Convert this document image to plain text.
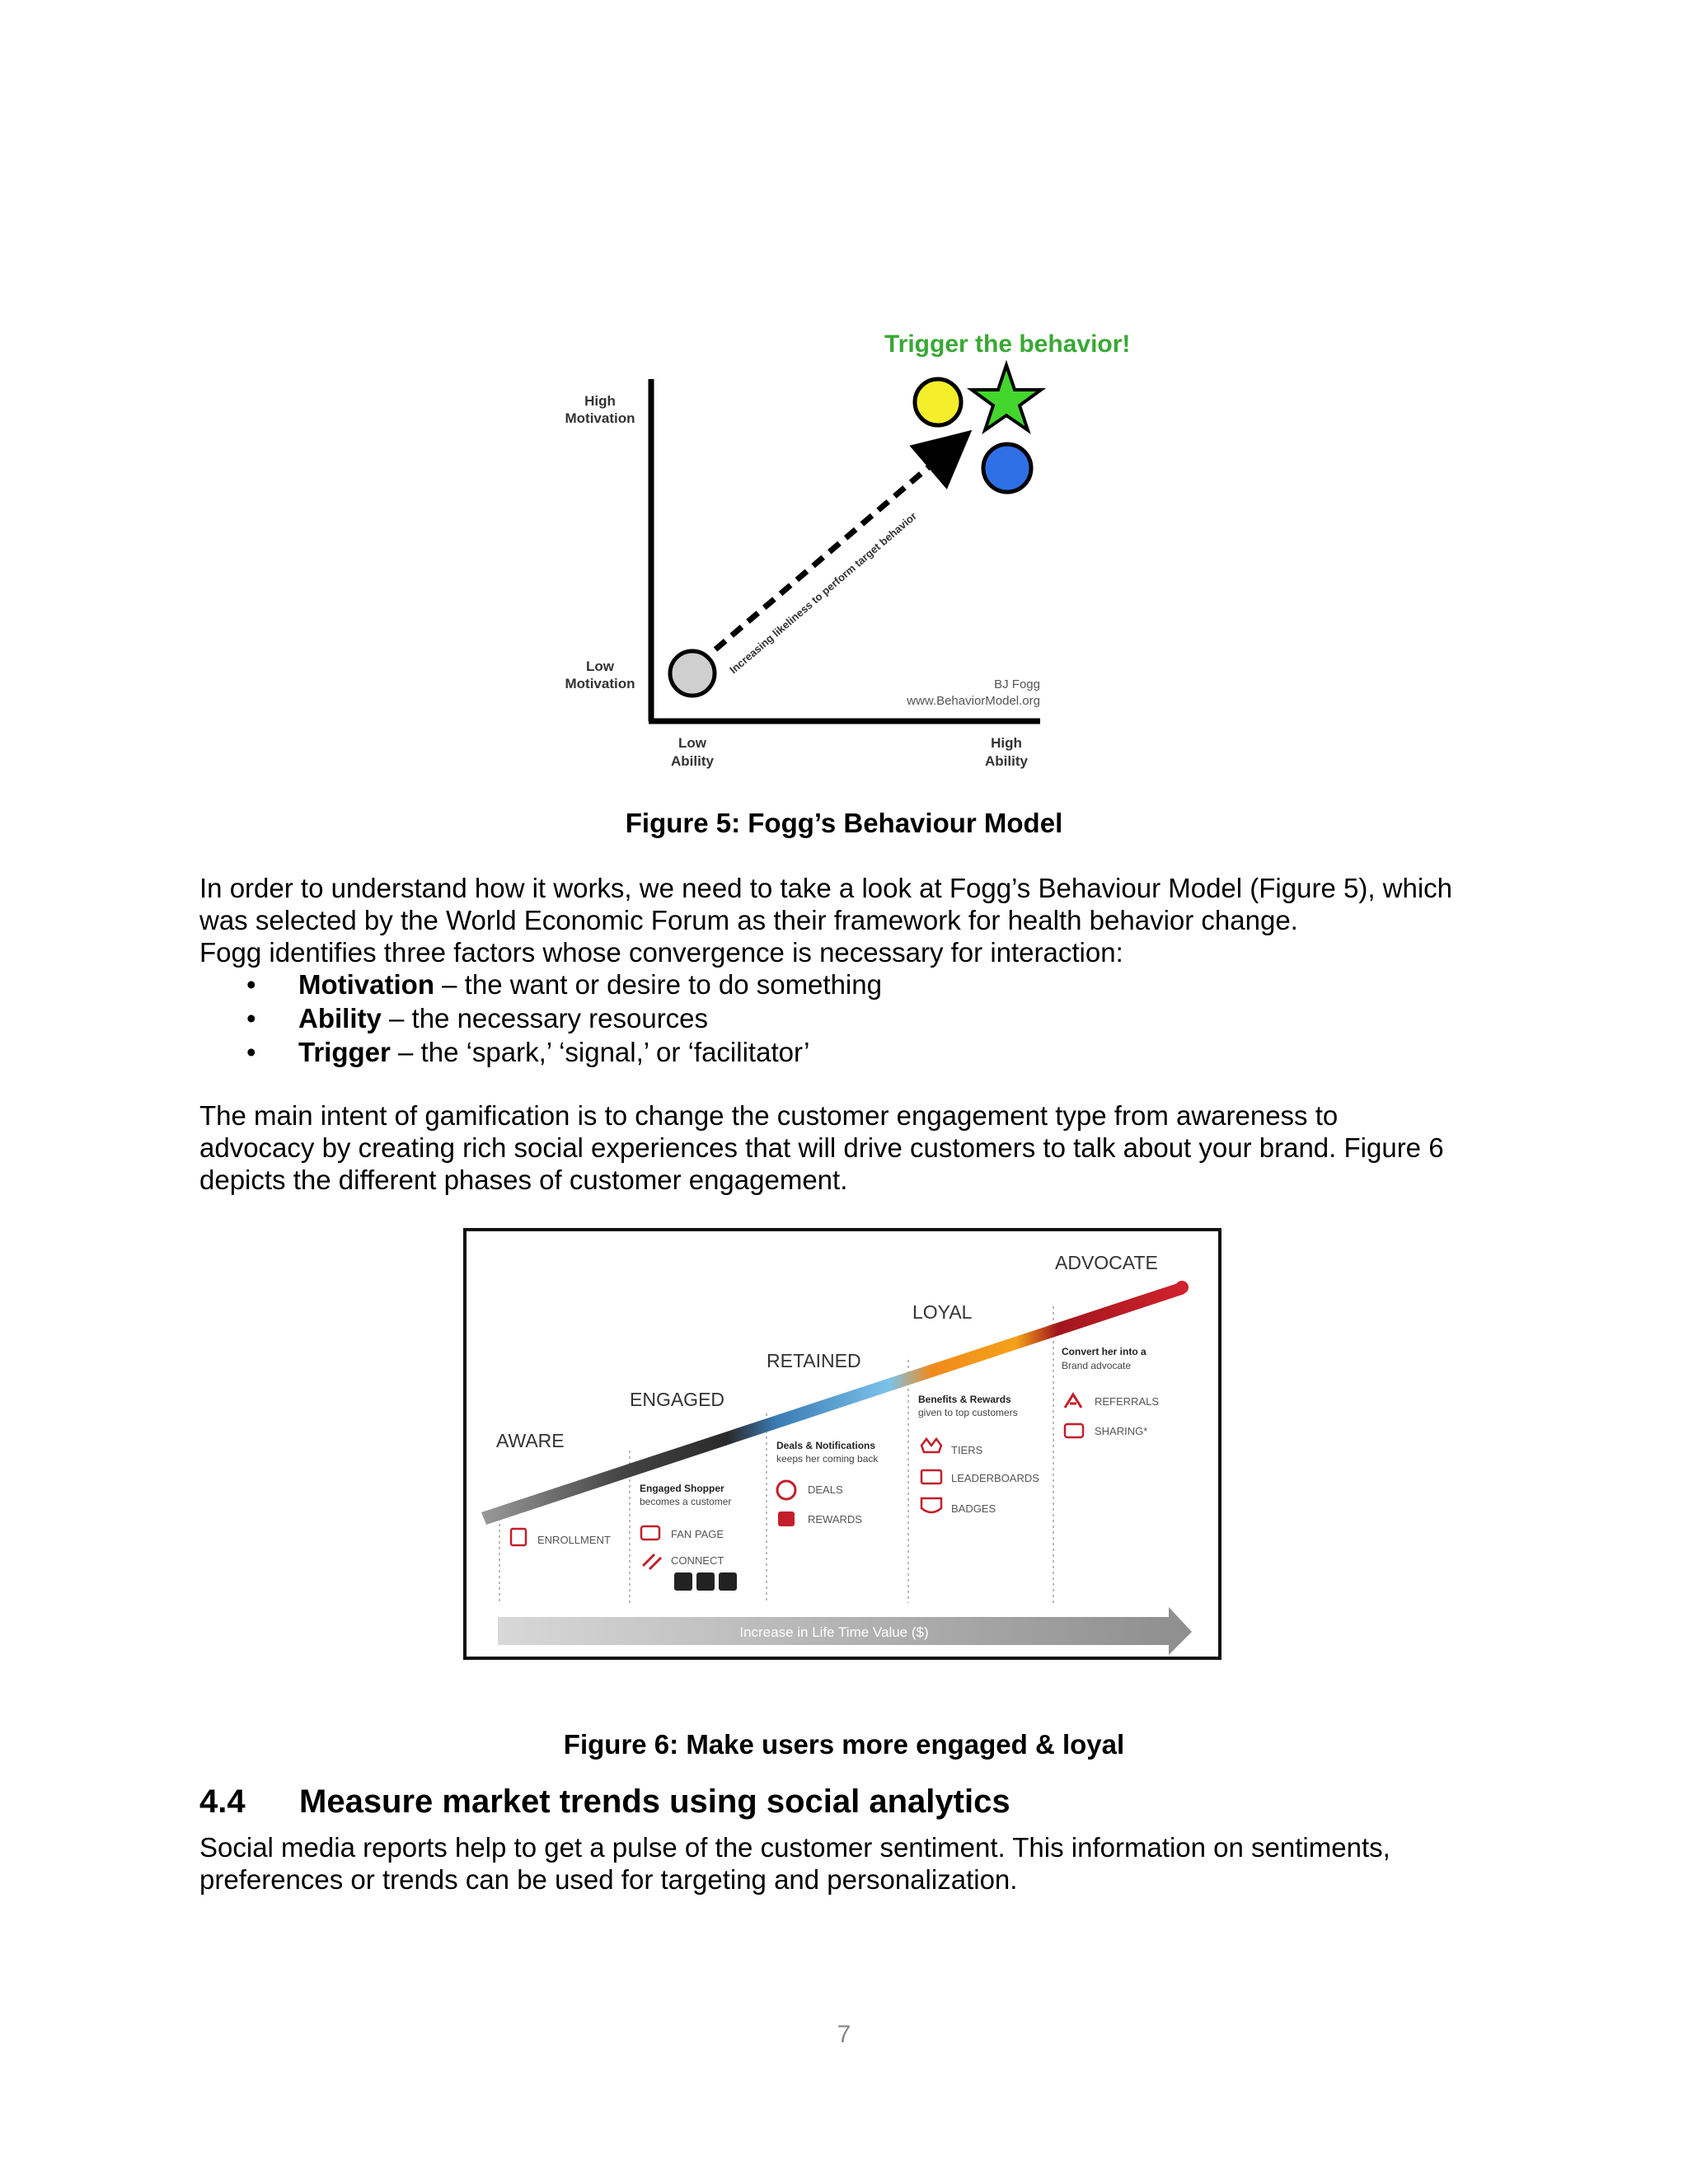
Trigger the behavior!
High
Motivation
Low
Motivation
Low
Ability
High
Ability
Increasing likeliness to perform target behavior
BJ Fogg
www.BehaviorModel.org
Figure 5: Fogg’s Behaviour Model

In order to understand how it works, we need to take a look at Fogg’s Behaviour Model (Figure 5), which

was selected by the World Economic Forum as their framework for health behavior change.

Fogg identifies three factors whose convergence is necessary for interaction:

• Motivation – the want or desire to do something
• Ability – the necessary resources
• Trigger – the ‘spark,’ ‘signal,’ or ‘facilitator’

The main intent of gamification is to change the customer engagement type from awareness to

advocacy by creating rich social experiences that will drive customers to talk about your brand. Figure 6

depicts the different phases of customer engagement.

AWARE
ENGAGED
RETAINED
LOYAL
ADVOCATE
ENROLLMENT
Engaged Shopper
becomes a customer
FAN PAGE
CONNECT
Deals & Notifications
keeps her coming back
DEALS
REWARDS
Benefits & Rewards
given to top customers
TIERS
LEADERBOARDS
BADGES
Convert her into a
Brand advocate
REFERRALS
SHARING*
Increase in Life Time Value ($)
Figure 6: Make users more engaged & loyal
4.4 Measure market trends using social analytics

Social media reports help to get a pulse of the customer sentiment. This information on sentiments,

preferences or trends can be used for targeting and personalization.

7
